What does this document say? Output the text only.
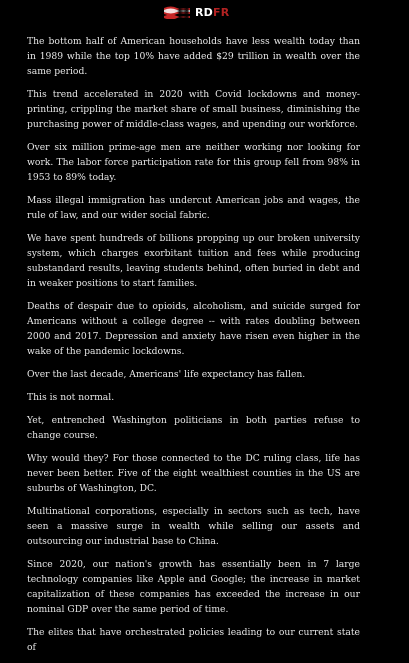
RDFR

The bottom half of American households have less wealth today than in 1989 while the top 10% have added $29 trillion in wealth over the same period.

This trend accelerated in 2020 with Covid lockdowns and money-printing, crippling the market share of small business, diminishing the purchasing power of middle-class wages, and upending our workforce.

Over six million prime-age men are neither working nor looking for work. The labor force participation rate for this group fell from 98% in 1953 to 89% today.

Mass illegal immigration has undercut American jobs and wages, the rule of law, and our wider social fabric.

We have spent hundreds of billions propping up our broken university system, which charges exorbitant tuition and fees while producing substandard results, leaving students behind, often buried in debt and in weaker positions to start families.

Deaths of despair due to opioids, alcoholism, and suicide surged for Americans without a college degree -- with rates doubling between 2000 and 2017. Depression and anxiety have risen even higher in the wake of the pandemic lockdowns.

Over the last decade, Americans' life expectancy has fallen.

This is not normal.

Yet, entrenched Washington politicians in both parties refuse to change course.

Why would they? For those connected to the DC ruling class, life has never been better. Five of the eight wealthiest counties in the US are suburbs of Washington, DC.

Multinational corporations, especially in sectors such as tech, have seen a massive surge in wealth while selling our assets and outsourcing our industrial base to China.

Since 2020, our nation's growth has essentially been in 7 large technology companies like Apple and Google; the increase in market capitalization of these companies has exceeded the increase in our nominal GDP over the same period of time.

The elites that have orchestrated policies leading to our current state of
